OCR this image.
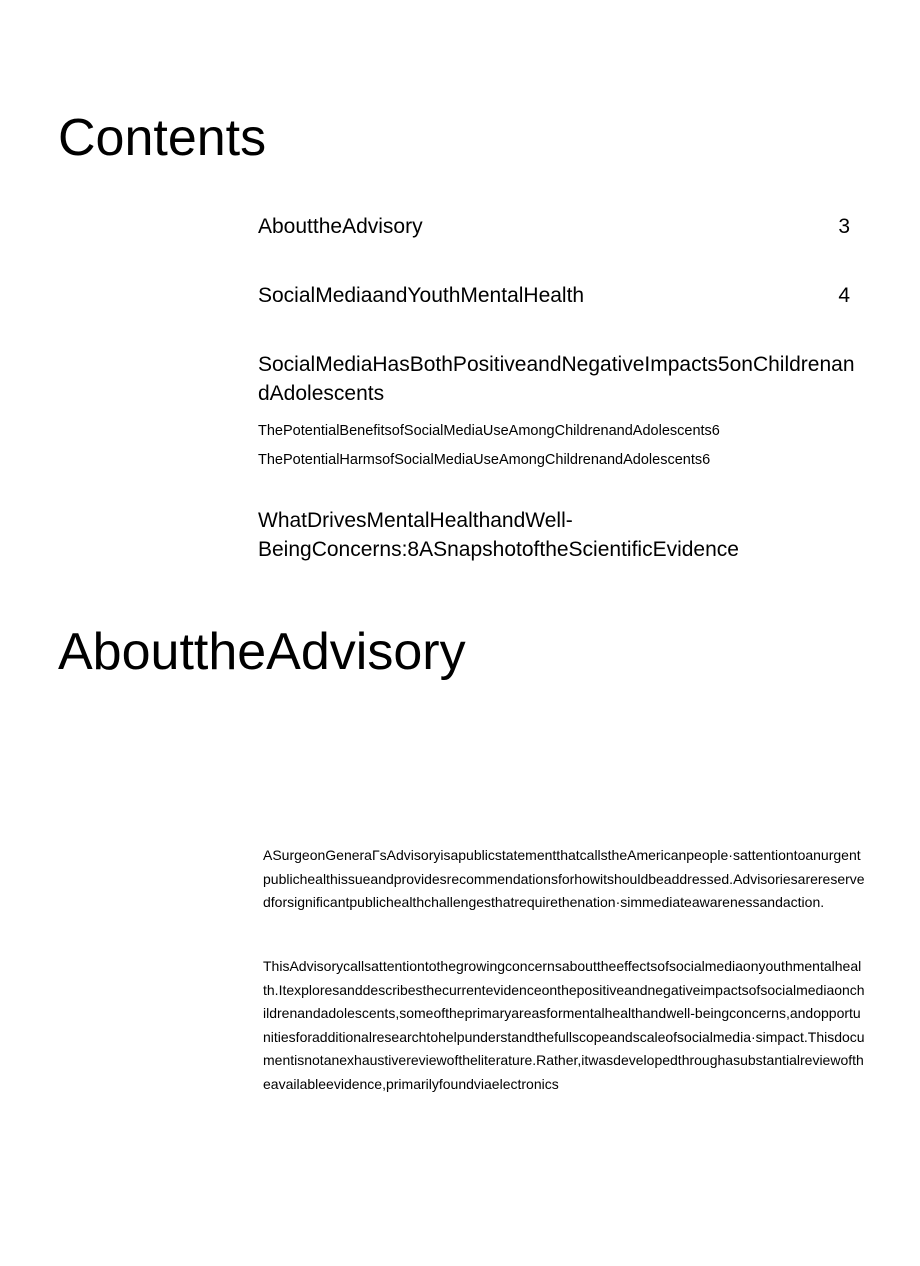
Contents
AbouttheAdvisory	3
SocialMediaandYouthMentalHealth	4
SocialMediaHasBothPositiveandNegativeImpacts5onChildrenandAdolescents
ThePotentialBenefitsofSocialMediaUseAmongChildrenandAdolescents6
ThePotentialHarmsofSocialMediaUseAmongChildrenandAdolescents6
WhatDrivesMentalHealthandWell-
BeingConcerns:8ASnapshotoftheScientificEvidence
AbouttheAdvisory

ASurgeonGeneraΓsAdvisoryisapublicstatementthatcallstheAmericanpeople·sattentiontoanurgentpublichealthissueandprovidesrecommendationsforhowitshouldbeaddressed.Advisoriesarereservedforsignificantpublichealthchallengesthatrequirethenation·simmediateawarenessandaction.

ThisAdvisorycallsattentiontothegrowingconcernsabouttheeffectsofsocialmediaonyouthmentalhealth.Itexploresanddescribesthecurrentevidenceonthepositiveandnegativeimpactsofsocialmediaonchildrenandadolescents,someoftheprimaryareasformentalhealthandwell-beingconcerns,andopportunitiesforadditionalresearchtohelpunderstandthefullscopeandscaleofsocialmedia·simpact.Thisdocumentisnotanexhaustivereviewoftheliterature.Rather,itwasdevelopedthroughasubstantialreviewoftheavailableevidence,primarilyfoundviaelectronics
